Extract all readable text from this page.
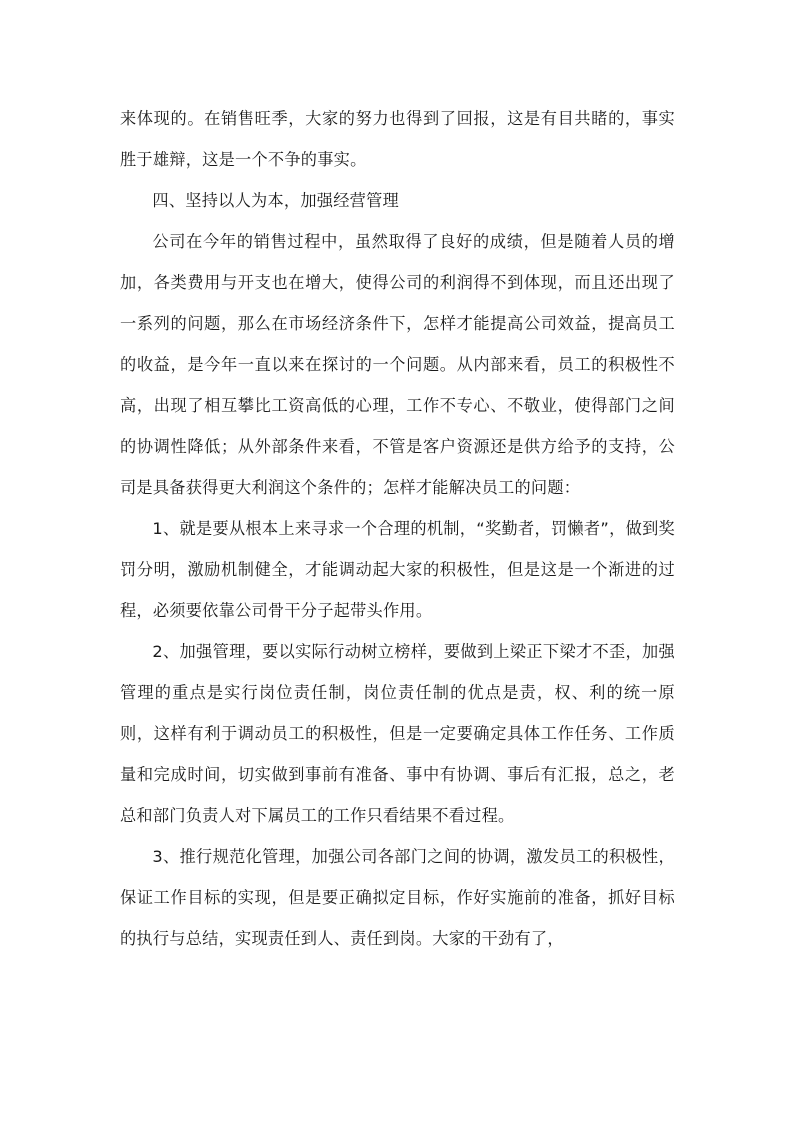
来体现的。在销售旺季，大家的努力也得到了回报，这是有目共睹的，事实胜于雄辩，这是一个不争的事实。

四、坚持以人为本，加强经营管理

公司在今年的销售过程中，虽然取得了良好的成绩，但是随着人员的增加，各类费用与开支也在增大，使得公司的利润得不到体现，而且还出现了一系列的问题，那么在市场经济条件下，怎样才能提高公司效益，提高员工的收益，是今年一直以来在探讨的一个问题。从内部来看，员工的积极性不高，出现了相互攀比工资高低的心理，工作不专心、不敬业，使得部门之间的协调性降低；从外部条件来看，不管是客户资源还是供方给予的支持，公司是具备获得更大利润这个条件的；怎样才能解决员工的问题：

1、就是要从根本上来寻求一个合理的机制，“奖勤者，罚懒者”，做到奖罚分明，激励机制健全，才能调动起大家的积极性，但是这是一个渐进的过程，必须要依靠公司骨干分子起带头作用。

2、加强管理，要以实际行动树立榜样，要做到上梁正下梁才不歪，加强管理的重点是实行岗位责任制，岗位责任制的优点是责，权、利的统一原则，这样有利于调动员工的积极性，但是一定要确定具体工作任务、工作质量和完成时间，切实做到事前有准备、事中有协调、事后有汇报，总之，老总和部门负责人对下属员工的工作只看结果不看过程。

3、推行规范化管理，加强公司各部门之间的协调，激发员工的积极性，保证工作目标的实现，但是要正确拟定目标，作好实施前的准备，抓好目标的执行与总结，实现责任到人、责任到岗。大家的干劲有了，
